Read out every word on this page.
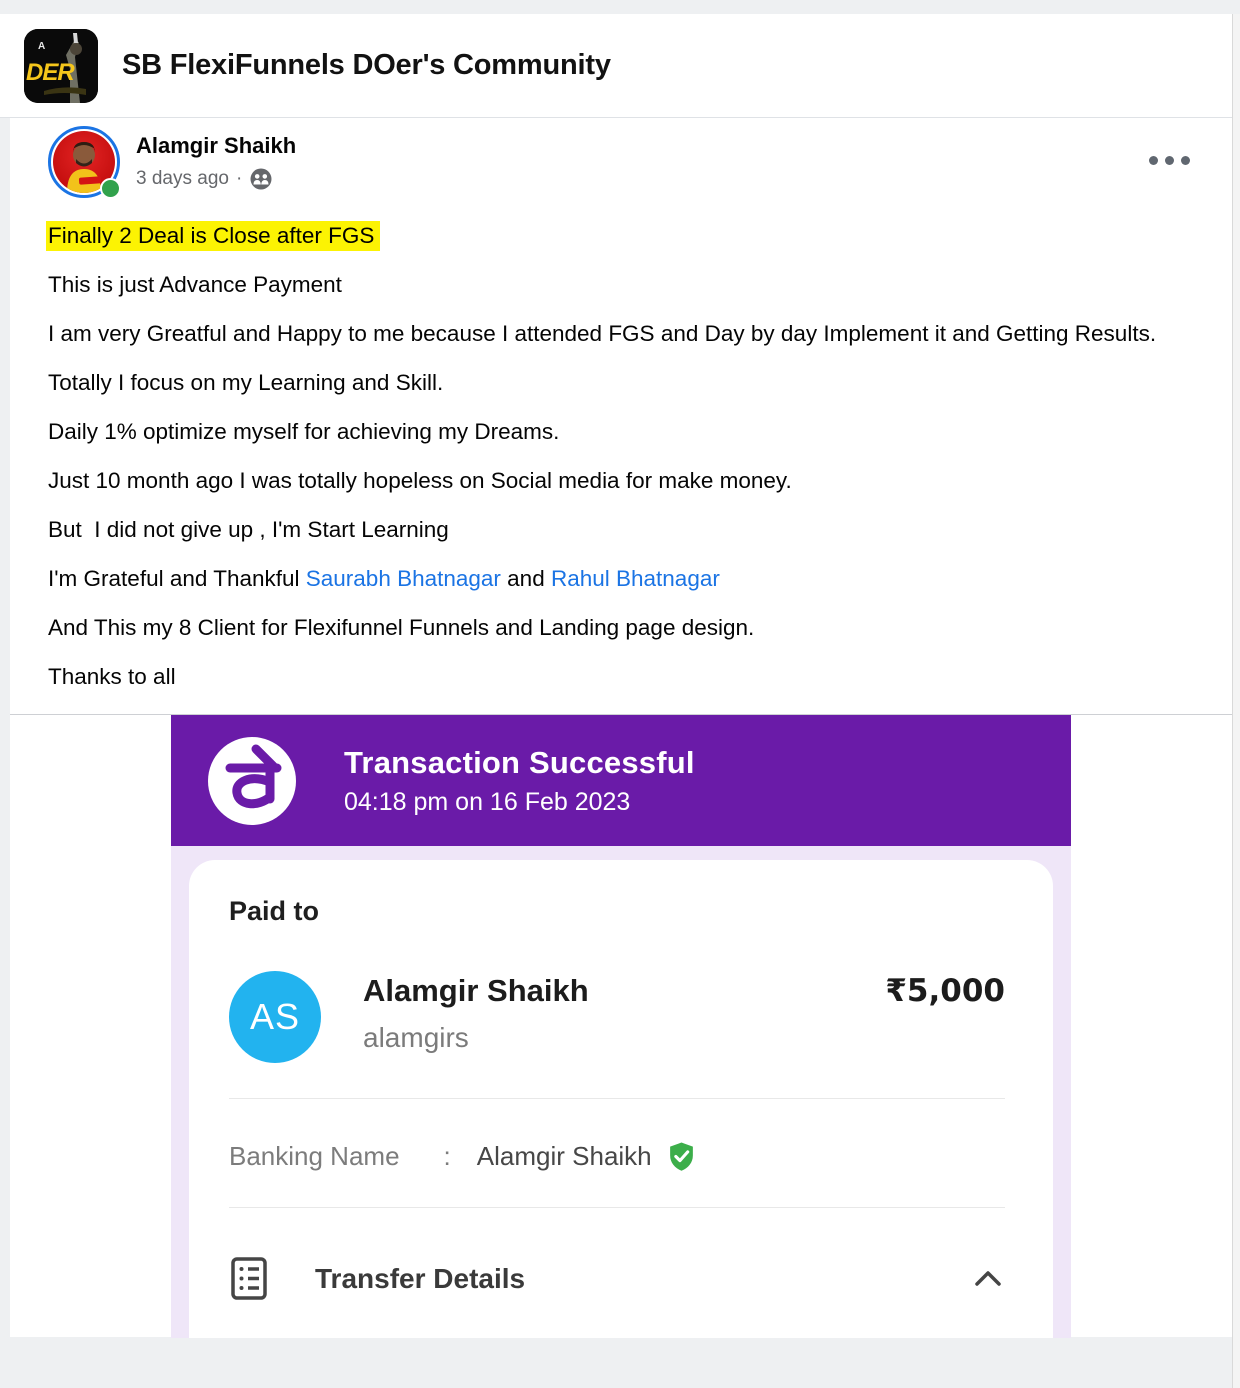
A
DER SB FlexiFunnels DOer's Community
Alamgir Shaikh
3 days ago ·

Finally 2 Deal is Close after FGS

This is just Advance Payment

I am very Greatful and Happy to me because I attended FGS and Day by day Implement it and Getting Results.

Totally I focus on my Learning and Skill.

Daily 1% optimize myself for achieving my Dreams.

Just 10 month ago I was totally hopeless on Social media for make money.

But  I did not give up , I'm Start Learning

I'm Grateful and Thankful Saurabh Bhatnagar and Rahul Bhatnagar

And This my 8 Client for Flexifunnel Funnels and Landing page design.

Thanks to all

Transaction Successful
04:18 pm on 16 Feb 2023
Paid to
AS
Alamgir Shaikh
alamgirs
₹5,000
Banking Name : Alamgir Shaikh
Transfer Details
